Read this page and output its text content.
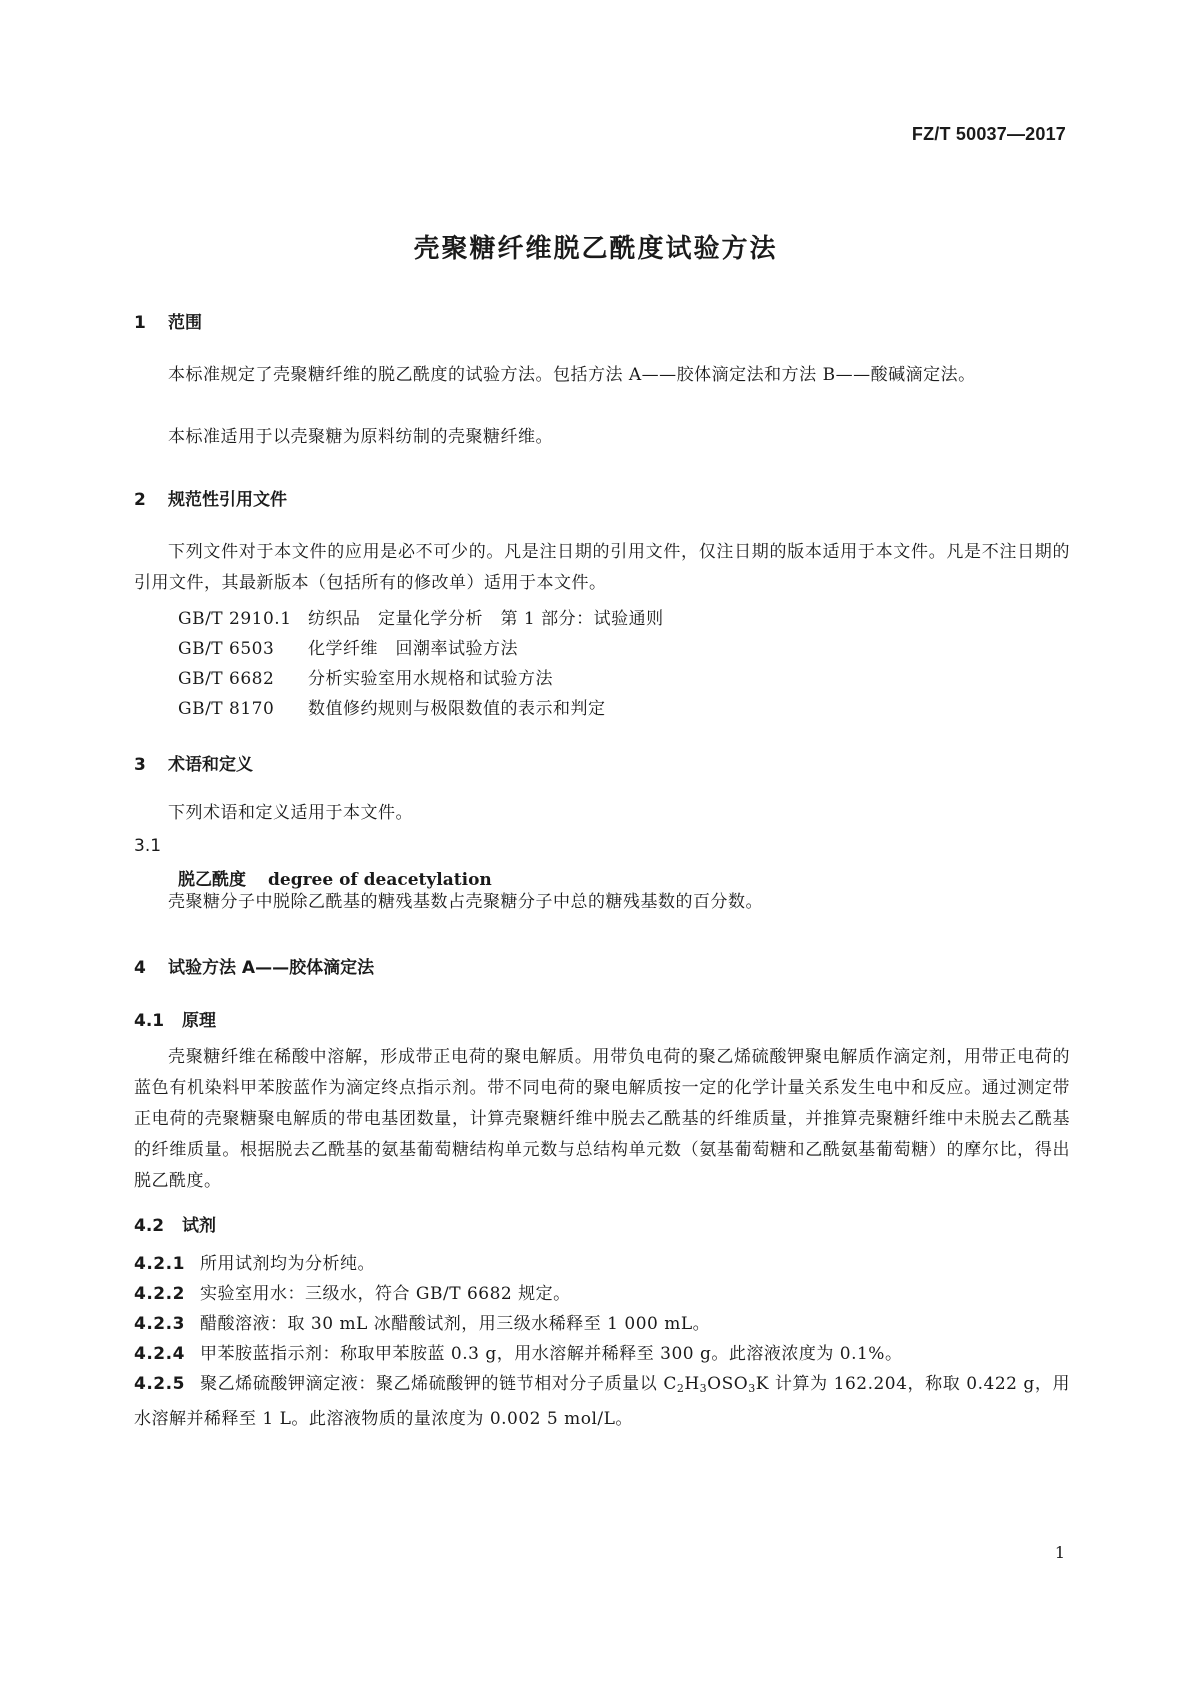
FZ/T 50037—2017
壳聚糖纤维脱乙酰度试验方法
1 范围
本标准规定了壳聚糖纤维的脱乙酰度的试验方法。包括方法 A——胶体滴定法和方法 B——酸碱滴定法。
本标准适用于以壳聚糖为原料纺制的壳聚糖纤维。
2 规范性引用文件
下列文件对于本文件的应用是必不可少的。凡是注日期的引用文件，仅注日期的版本适用于本文件。凡是不注日期的引用文件，其最新版本（包括所有的修改单）适用于本文件。
GB/T 2910.1 纺织品　定量化学分析　第 1 部分：试验通则
GB/T 6503 化学纤维　回潮率试验方法
GB/T 6682 分析实验室用水规格和试验方法
GB/T 8170 数值修约规则与极限数值的表示和判定
3 术语和定义
下列术语和定义适用于本文件。
3.1
脱乙酰度 degree of deacetylation
壳聚糖分子中脱除乙酰基的糖残基数占壳聚糖分子中总的糖残基数的百分数。
4 试验方法 A——胶体滴定法
4.1 原理
壳聚糖纤维在稀酸中溶解，形成带正电荷的聚电解质。用带负电荷的聚乙烯硫酸钾聚电解质作滴定剂，用带正电荷的蓝色有机染料甲苯胺蓝作为滴定终点指示剂。带不同电荷的聚电解质按一定的化学计量关系发生电中和反应。通过测定带正电荷的壳聚糖聚电解质的带电基团数量，计算壳聚糖纤维中脱去乙酰基的纤维质量，并推算壳聚糖纤维中未脱去乙酰基的纤维质量。根据脱去乙酰基的氨基葡萄糖结构单元数与总结构单元数（氨基葡萄糖和乙酰氨基葡萄糖）的摩尔比，得出脱乙酰度。
4.2 试剂
4.2.1 所用试剂均为分析纯。
4.2.2 实验室用水：三级水，符合 GB/T 6682 规定。
4.2.3 醋酸溶液：取 30 mL 冰醋酸试剂，用三级水稀释至 1 000 mL。
4.2.4 甲苯胺蓝指示剂：称取甲苯胺蓝 0.3 g，用水溶解并稀释至 300 g。此溶液浓度为 0.1%。
4.2.5 聚乙烯硫酸钾滴定液：聚乙烯硫酸钾的链节相对分子质量以 $C_2H_3OSO_3K$ 计算为 162.204，称取 0.422 g，用水溶解并稀释至 1 L。此溶液物质的量浓度为 0.002 5 mol/L。
1
